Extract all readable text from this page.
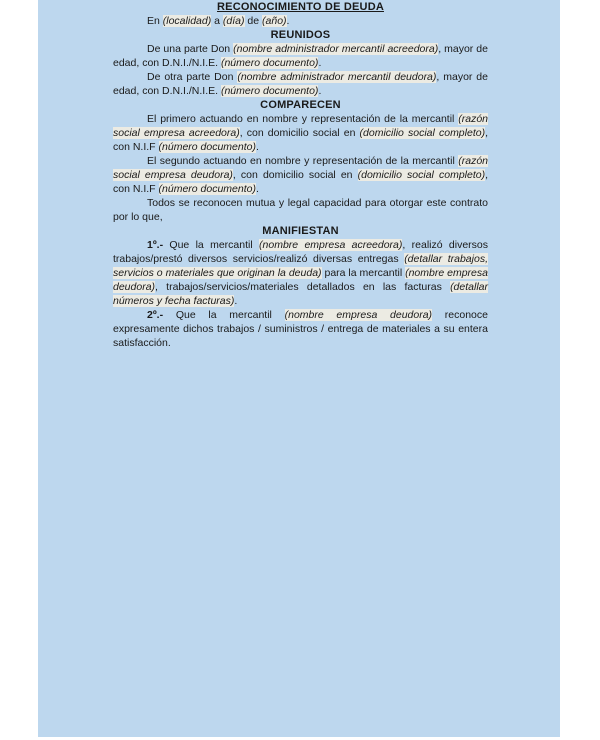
RECONOCIMIENTO DE DEUDA

En (localidad) a (día) de (año).

REUNIDOS

De una parte Don (nombre administrador mercantil acreedora), mayor de edad, con D.N.I./N.I.E. (número documento).

De otra parte Don (nombre administrador mercantil deudora), mayor de edad, con D.N.I./N.I.E. (número documento).

COMPARECEN

El primero actuando en nombre y representación de la mercantil (razón social empresa acreedora), con domicilio social en (domicilio social completo), con N.I.F (número documento).

El segundo actuando en nombre y representación de la mercantil (razón social empresa deudora), con domicilio social en (domicilio social completo), con N.I.F (número documento).

Todos se reconocen mutua y legal capacidad para otorgar este contrato por lo que,

MANIFIESTAN

1º.- Que la mercantil (nombre empresa acreedora), realizó diversos trabajos/prestó diversos servicios/realizó diversas entregas (detallar trabajos, servicios o materiales que originan la deuda) para la mercantil (nombre empresa deudora), trabajos/servicios/materiales detallados en las facturas (detallar números y fecha facturas).

2º.- Que la mercantil (nombre empresa deudora) reconoce expresamente dichos trabajos / suministros / entrega de materiales a su entera satisfacción.
